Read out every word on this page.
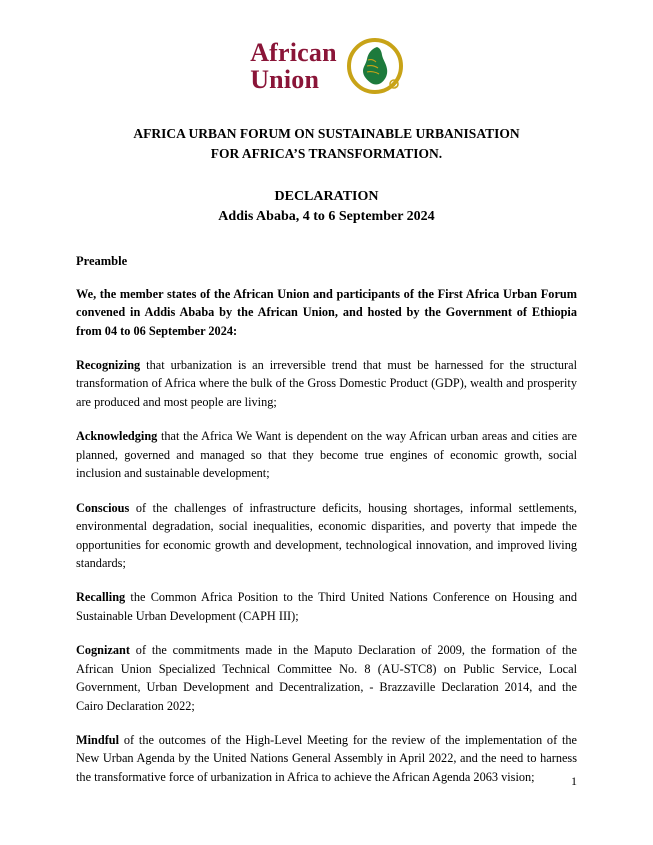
African
Union	R
AFRICA URBAN FORUM ON SUSTAINABLE URBANISATION
FOR AFRICA’S TRANSFORMATION.
DECLARATION
Addis Ababa, 4 to 6 September 2024
Preamble

We, the member states of the African Union and participants of the First Africa Urban Forum convened in Addis Ababa by the African Union, and hosted by the Government of Ethiopia from 04 to 06 September 2024:

Recognizing that urbanization is an irreversible trend that must be harnessed for the structural transformation of Africa where the bulk of the Gross Domestic Product (GDP), wealth and prosperity are produced and most people are living;

Acknowledging that the Africa We Want is dependent on the way African urban areas and cities are planned, governed and managed so that they become true engines of economic growth, social inclusion and sustainable development;

Conscious of the challenges of infrastructure deficits, housing shortages, informal settlements, environmental degradation, social inequalities, economic disparities, and poverty that impede the opportunities for economic growth and development, technological innovation, and improved living standards;

Recalling the Common Africa Position to the Third United Nations Conference on Housing and Sustainable Urban Development (CAPH III);

Cognizant of the commitments made in the Maputo Declaration of 2009, the formation of the African Union Specialized Technical Committee No. 8 (AU-STC8) on Public Service, Local Government, Urban Development and Decentralization, - Brazzaville Declaration 2014, and the Cairo Declaration 2022;

Mindful of the outcomes of the High-Level Meeting for the review of the implementation of the New Urban Agenda by the United Nations General Assembly in April 2022, and the need to harness the transformative force of urbanization in Africa to achieve the African Agenda 2063 vision;	1
